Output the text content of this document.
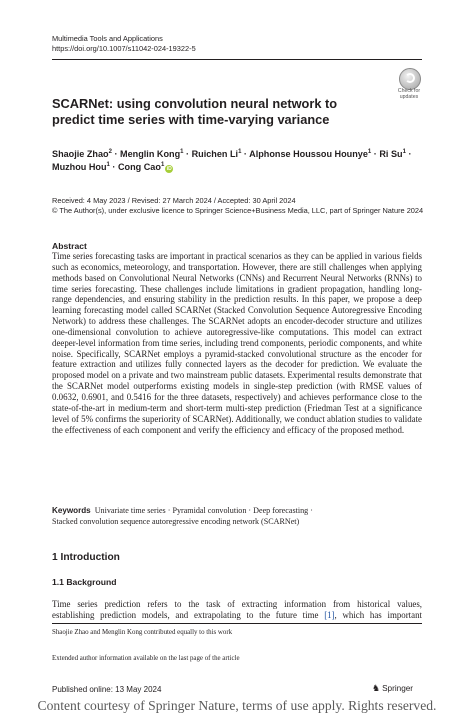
Multimedia Tools and Applications
https://doi.org/10.1007/s11042-024-19322-5
Check for
updates
SCARNet: using convolution neural network to predict time series with time-varying variance
Shaojie Zhao$^2$ · Menglin Kong$^1$ · Ruichen $Li^1$ · Alphonse Houssou Hounye$^1$ · Ri $Su^1$ ·
Muzhou Hou$^1$ · Cong Cao$^1$iD
Received: 4 May 2023 / Revised: 27 March 2024 / Accepted: 30 April 2024
© The Author(s), under exclusive licence to Springer Science+Business Media, LLC, part of Springer Nature 2024
Abstract
Time series forecasting tasks are important in practical scenarios as they can be applied in various fields such as economics, meteorology, and transportation. However, there are still challenges when applying methods based on Convolutional Neural Networks (CNNs) and Recurrent Neural Networks (RNNs) to time series forecasting. These challenges include limitations in gradient propagation, handling long-range dependencies, and ensuring stability in the prediction results. In this paper, we propose a deep learning forecasting model called SCARNet (Stacked Convolution Sequence Autoregressive Encoding Network) to address these challenges. The SCARNet adopts an encoder-decoder structure and utilizes one-dimensional convolution to achieve autoregressive-like computations. This model can extract deeper-level information from time series, including trend components, periodic components, and white noise. Specifically, SCARNet employs a pyramid-stacked convolutional structure as the encoder for feature extraction and utilizes fully connected layers as the decoder for prediction. We evaluate the proposed model on a private and two mainstream public datasets. Experimental results demonstrate that the SCARNet model outperforms existing models in single-step prediction (with RMSE values of 0.0632, 0.6901, and 0.5416 for the three datasets, respectively) and achieves performance close to the state-of-the-art in medium-term and short-term multi-step prediction (Friedman Test at a significance level of 5% confirms the superiority of SCARNet). Additionally, we conduct ablation studies to validate the effectiveness of each component and verify the efficiency and efficacy of the proposed method.
Keywords Univariate time series · Pyramidal convolution · Deep forecasting ·
Stacked convolution sequence autoregressive encoding network (SCARNet)
1 Introduction
1.1 Background
Time series prediction refers to the task of extracting information from historical values,
establishing prediction models, and extrapolating to the future time [1], which has important
Shaojie Zhao and Menglin Kong contributed equally to this work
Extended author information available on the last page of the article
Published online: 13 May 2024	♞ Springer
Content courtesy of Springer Nature, terms of use apply. Rights reserved.
